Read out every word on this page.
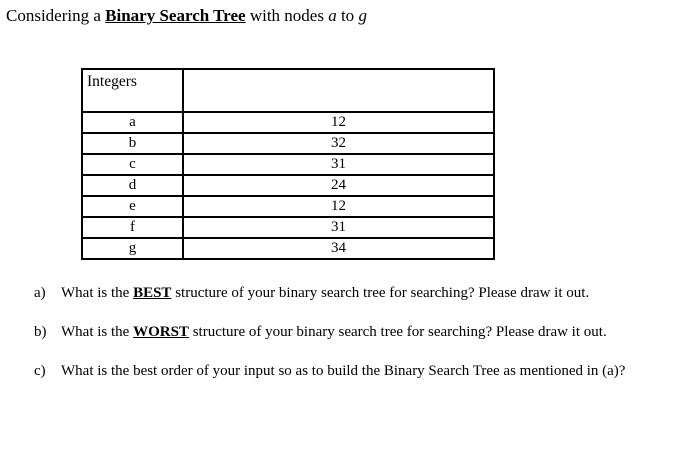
Considering a Binary Search Tree with nodes a to g
Integers	
a	12
b	32
c	31
d	24
e	12
f	31
g	34
a)	What is the BEST structure of your binary search tree for searching? Please draw it out.
b) What is the WORST structure of your binary search tree for searching? Please draw it out.
c)	What is the best order of your input so as to build the Binary Search Tree as mentioned in (a)?
